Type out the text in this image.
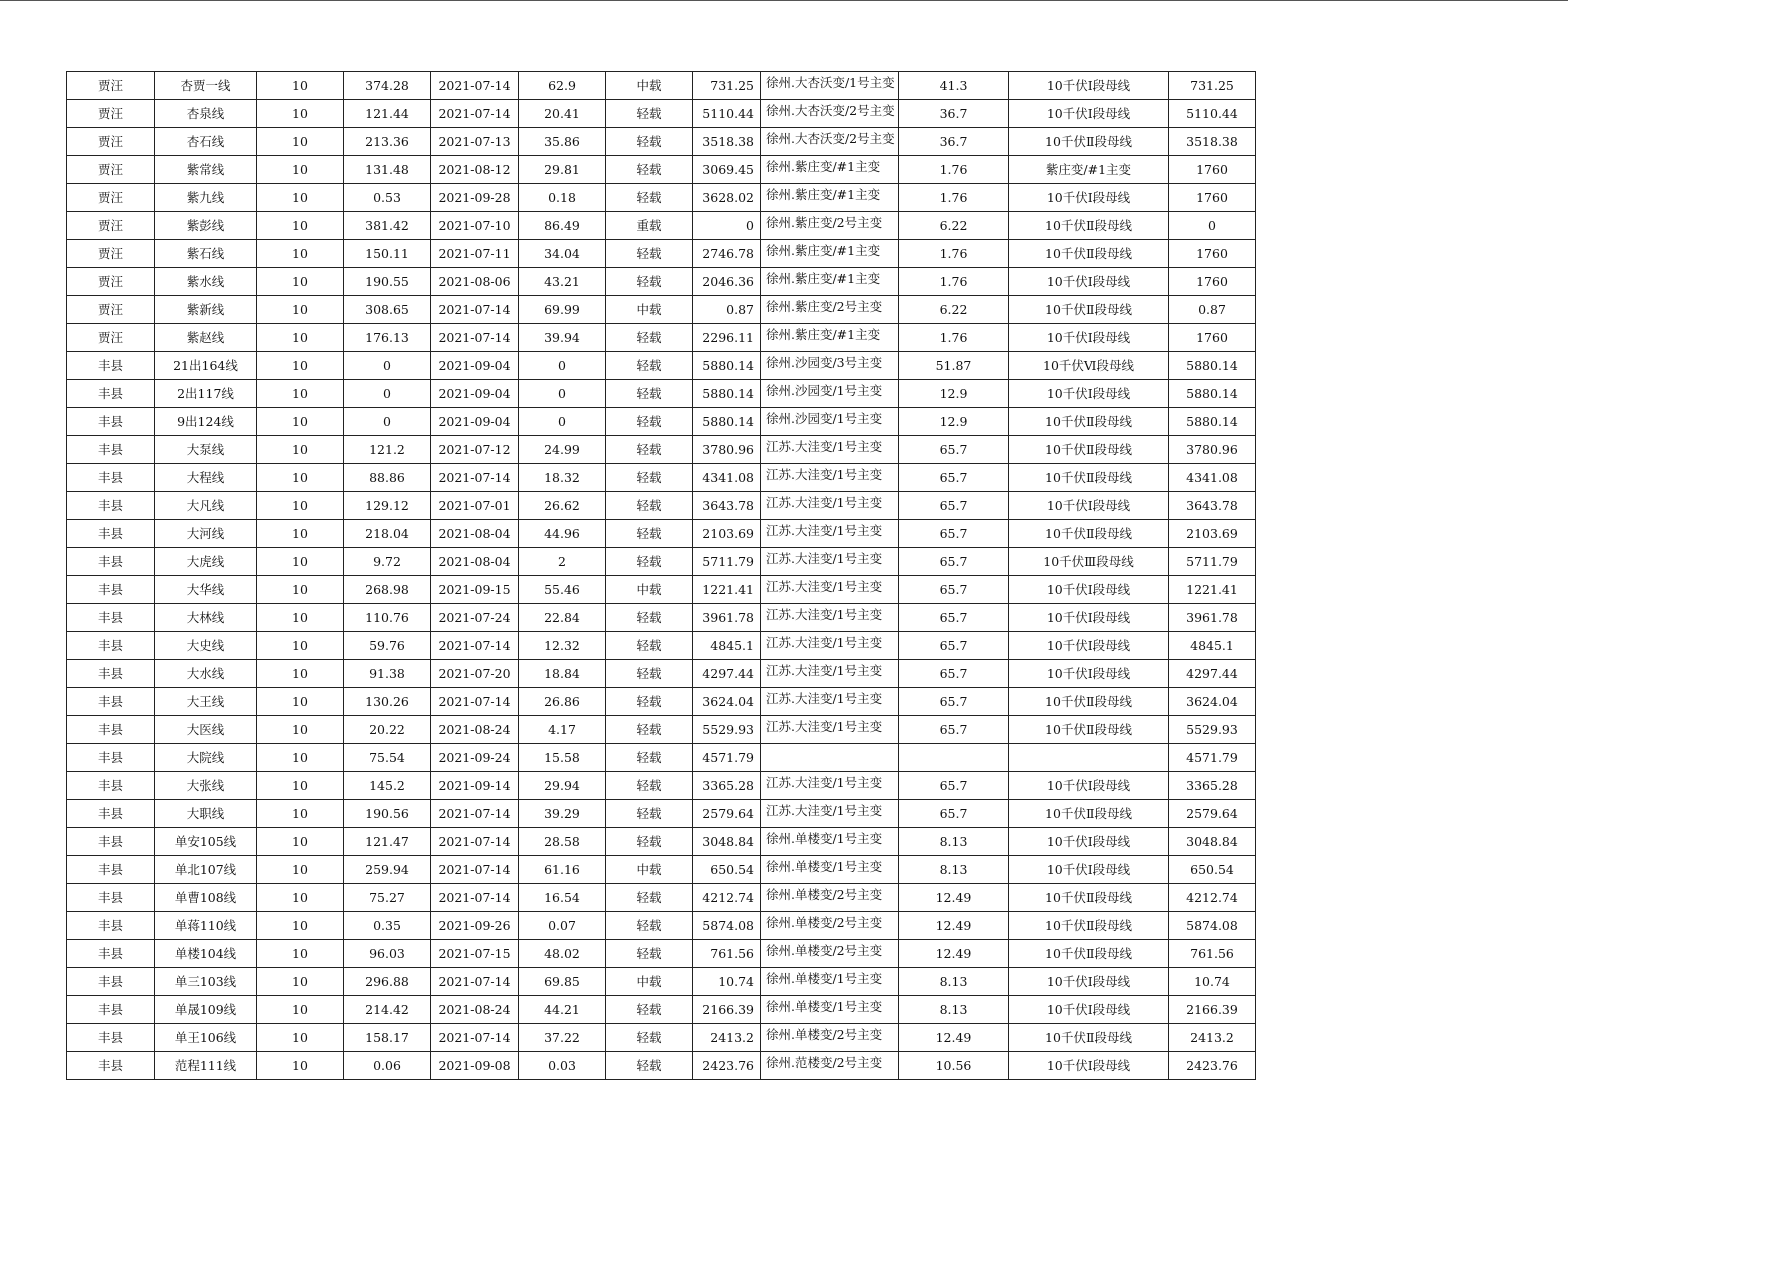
贾汪	杏贾一线	10	374.28	2021-07-14	62.9	中载	731.25	徐州.大杏沃变/1号主变	41.3	10千伏Ⅰ段母线	731.25
贾汪	杏泉线	10	121.44	2021-07-14	20.41	轻载	5110.44	徐州.大杏沃变/2号主变	36.7	10千伏Ⅰ段母线	5110.44
贾汪	杏石线	10	213.36	2021-07-13	35.86	轻载	3518.38	徐州.大杏沃变/2号主变	36.7	10千伏Ⅱ段母线	3518.38
贾汪	紫常线	10	131.48	2021-08-12	29.81	轻载	3069.45	徐州.紫庄变/#1主变	1.76	紫庄变/#1主变	1760
贾汪	紫九线	10	0.53	2021-09-28	0.18	轻载	3628.02	徐州.紫庄变/#1主变	1.76	10千伏Ⅰ段母线	1760
贾汪	紫彭线	10	381.42	2021-07-10	86.49	重载	0	徐州.紫庄变/2号主变	6.22	10千伏Ⅱ段母线	0
贾汪	紫石线	10	150.11	2021-07-11	34.04	轻载	2746.78	徐州.紫庄变/#1主变	1.76	10千伏Ⅱ段母线	1760
贾汪	紫水线	10	190.55	2021-08-06	43.21	轻载	2046.36	徐州.紫庄变/#1主变	1.76	10千伏Ⅰ段母线	1760
贾汪	紫新线	10	308.65	2021-07-14	69.99	中载	0.87	徐州.紫庄变/2号主变	6.22	10千伏Ⅱ段母线	0.87
贾汪	紫赵线	10	176.13	2021-07-14	39.94	轻载	2296.11	徐州.紫庄变/#1主变	1.76	10千伏Ⅰ段母线	1760
丰县	21出164线	10	0	2021-09-04	0	轻载	5880.14	徐州.沙园变/3号主变	51.87	10千伏Ⅵ段母线	5880.14
丰县	2出117线	10	0	2021-09-04	0	轻载	5880.14	徐州.沙园变/1号主变	12.9	10千伏Ⅰ段母线	5880.14
丰县	9出124线	10	0	2021-09-04	0	轻载	5880.14	徐州.沙园变/1号主变	12.9	10千伏Ⅱ段母线	5880.14
丰县	大泵线	10	121.2	2021-07-12	24.99	轻载	3780.96	江苏.大洼变/1号主变	65.7	10千伏Ⅱ段母线	3780.96
丰县	大程线	10	88.86	2021-07-14	18.32	轻载	4341.08	江苏.大洼变/1号主变	65.7	10千伏Ⅱ段母线	4341.08
丰县	大凡线	10	129.12	2021-07-01	26.62	轻载	3643.78	江苏.大洼变/1号主变	65.7	10千伏Ⅰ段母线	3643.78
丰县	大河线	10	218.04	2021-08-04	44.96	轻载	2103.69	江苏.大洼变/1号主变	65.7	10千伏Ⅱ段母线	2103.69
丰县	大虎线	10	9.72	2021-08-04	2	轻载	5711.79	江苏.大洼变/1号主变	65.7	10千伏Ⅲ段母线	5711.79
丰县	大华线	10	268.98	2021-09-15	55.46	中载	1221.41	江苏.大洼变/1号主变	65.7	10千伏Ⅰ段母线	1221.41
丰县	大林线	10	110.76	2021-07-24	22.84	轻载	3961.78	江苏.大洼变/1号主变	65.7	10千伏Ⅰ段母线	3961.78
丰县	大史线	10	59.76	2021-07-14	12.32	轻载	4845.1	江苏.大洼变/1号主变	65.7	10千伏Ⅰ段母线	4845.1
丰县	大水线	10	91.38	2021-07-20	18.84	轻载	4297.44	江苏.大洼变/1号主变	65.7	10千伏Ⅰ段母线	4297.44
丰县	大王线	10	130.26	2021-07-14	26.86	轻载	3624.04	江苏.大洼变/1号主变	65.7	10千伏Ⅱ段母线	3624.04
丰县	大医线	10	20.22	2021-08-24	4.17	轻载	5529.93	江苏.大洼变/1号主变	65.7	10千伏Ⅱ段母线	5529.93
丰县	大院线	10	75.54	2021-09-24	15.58	轻载	4571.79				4571.79
丰县	大张线	10	145.2	2021-09-14	29.94	轻载	3365.28	江苏.大洼变/1号主变	65.7	10千伏Ⅰ段母线	3365.28
丰县	大职线	10	190.56	2021-07-14	39.29	轻载	2579.64	江苏.大洼变/1号主变	65.7	10千伏Ⅱ段母线	2579.64
丰县	单安105线	10	121.47	2021-07-14	28.58	轻载	3048.84	徐州.单楼变/1号主变	8.13	10千伏Ⅰ段母线	3048.84
丰县	单北107线	10	259.94	2021-07-14	61.16	中载	650.54	徐州.单楼变/1号主变	8.13	10千伏Ⅰ段母线	650.54
丰县	单曹108线	10	75.27	2021-07-14	16.54	轻载	4212.74	徐州.单楼变/2号主变	12.49	10千伏Ⅱ段母线	4212.74
丰县	单蒋110线	10	0.35	2021-09-26	0.07	轻载	5874.08	徐州.单楼变/2号主变	12.49	10千伏Ⅱ段母线	5874.08
丰县	单楼104线	10	96.03	2021-07-15	48.02	轻载	761.56	徐州.单楼变/2号主变	12.49	10千伏Ⅱ段母线	761.56
丰县	单三103线	10	296.88	2021-07-14	69.85	中载	10.74	徐州.单楼变/1号主变	8.13	10千伏Ⅰ段母线	10.74
丰县	单晟109线	10	214.42	2021-08-24	44.21	轻载	2166.39	徐州.单楼变/1号主变	8.13	10千伏Ⅰ段母线	2166.39
丰县	单王106线	10	158.17	2021-07-14	37.22	轻载	2413.2	徐州.单楼变/2号主变	12.49	10千伏Ⅱ段母线	2413.2
丰县	范程111线	10	0.06	2021-09-08	0.03	轻载	2423.76	徐州.范楼变/2号主变	10.56	10千伏Ⅰ段母线	2423.76
